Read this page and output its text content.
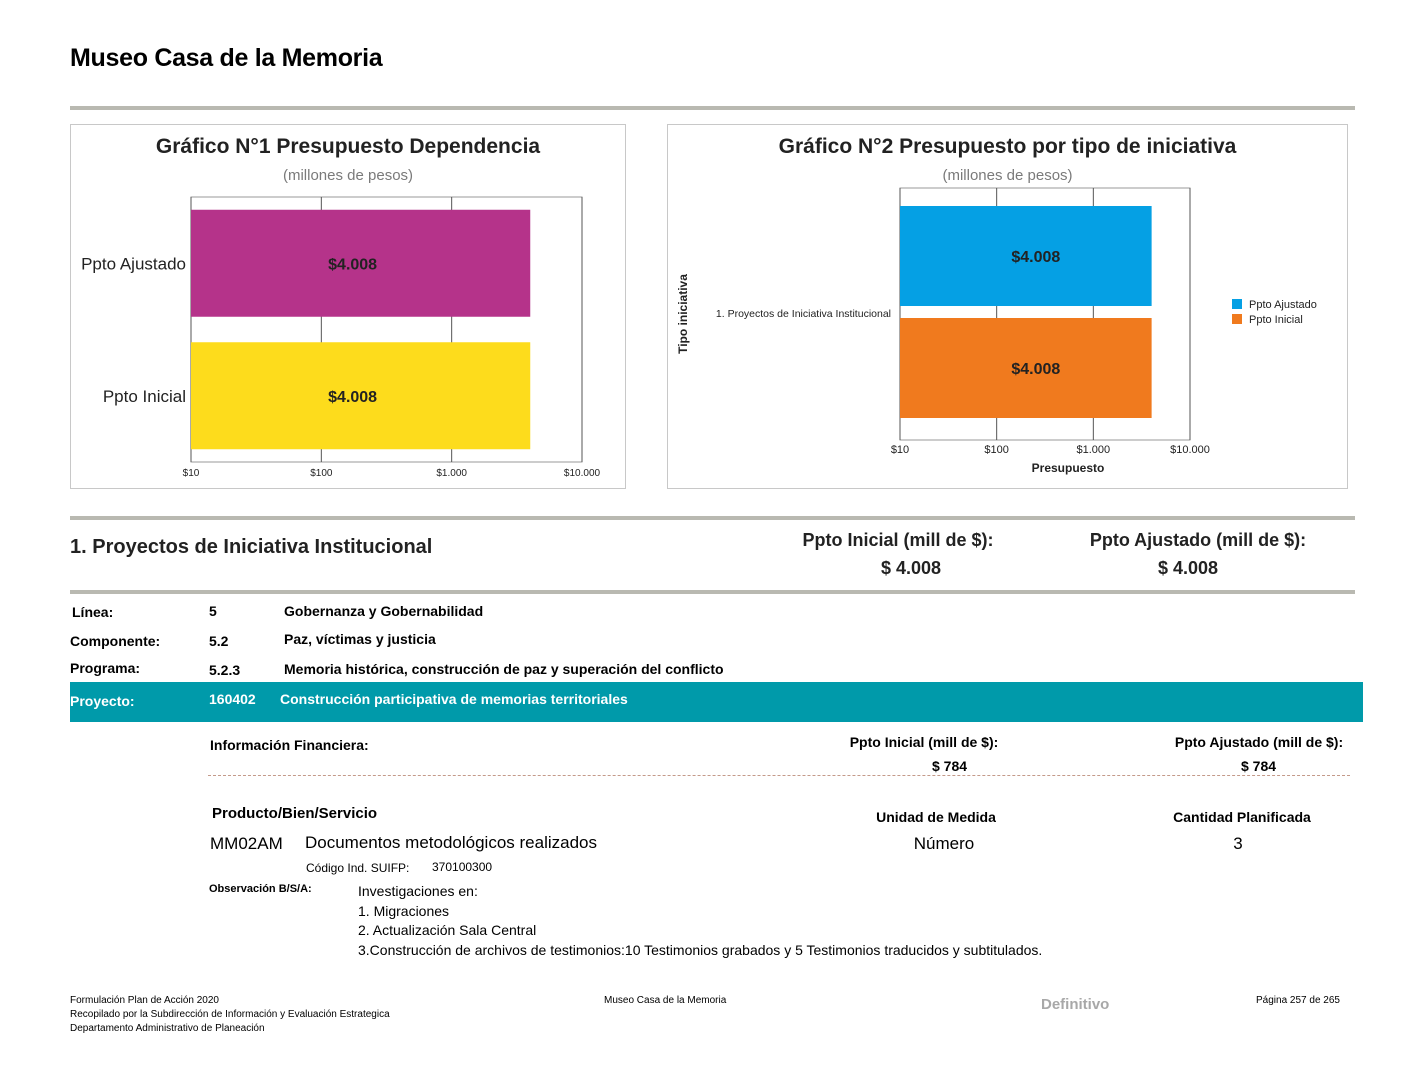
Museo Casa de la Memoria
Gráfico N°1 Presupuesto Dependencia
(millones de pesos)
$10	$100	$1.000	$10.000
$4.008
Ppto Ajustado
$4.008
Ppto Inicial
Gráfico N°2 Presupuesto por tipo de iniciativa
(millones de pesos)
$10	$100	$1.000	$10.000
Presupuesto
Tipo iniciativa 1. Proyectos de Iniciativa Institucional
$4.008
$4.008
Ppto Ajustado
Ppto Inicial
1. Proyectos de Iniciativa Institucional	Ppto Inicial (mill de $):
$ 4.008
Ppto Ajustado (mill de $):
$ 4.008
Línea:	5	Gobernanza y Gobernabilidad
Componente:	5.2	Paz, víctimas y justicia
Programa:	5.2.3	Memoria histórica, construcción de paz y superación del conflicto
Proyecto:	160402 Construcción participativa de memorias territoriales
Información Financiera:	Ppto Inicial (mill de $):
$ 784
Ppto Ajustado (mill de $):
$ 784
Producto/Bien/Servicio	Unidad de Medida	Cantidad Planificada
MM02AM Documentos metodológicos realizados	Número	3
Código Ind. SUIFP: 370100300
Observación B/S/A:	Investigaciones en:
1. Migraciones
2. Actualización Sala Central
3.Construcción de archivos de testimonios:10 Testimonios grabados y 5 Testimonios traducidos y subtitulados.
Formulación Plan de Acción 2020
Recopilado por la Subdirección de Información y Evaluación Estrategica
Departamento Administrativo de Planeación
Museo Casa de la Memoria	Definitivo	Página 257 de 265
